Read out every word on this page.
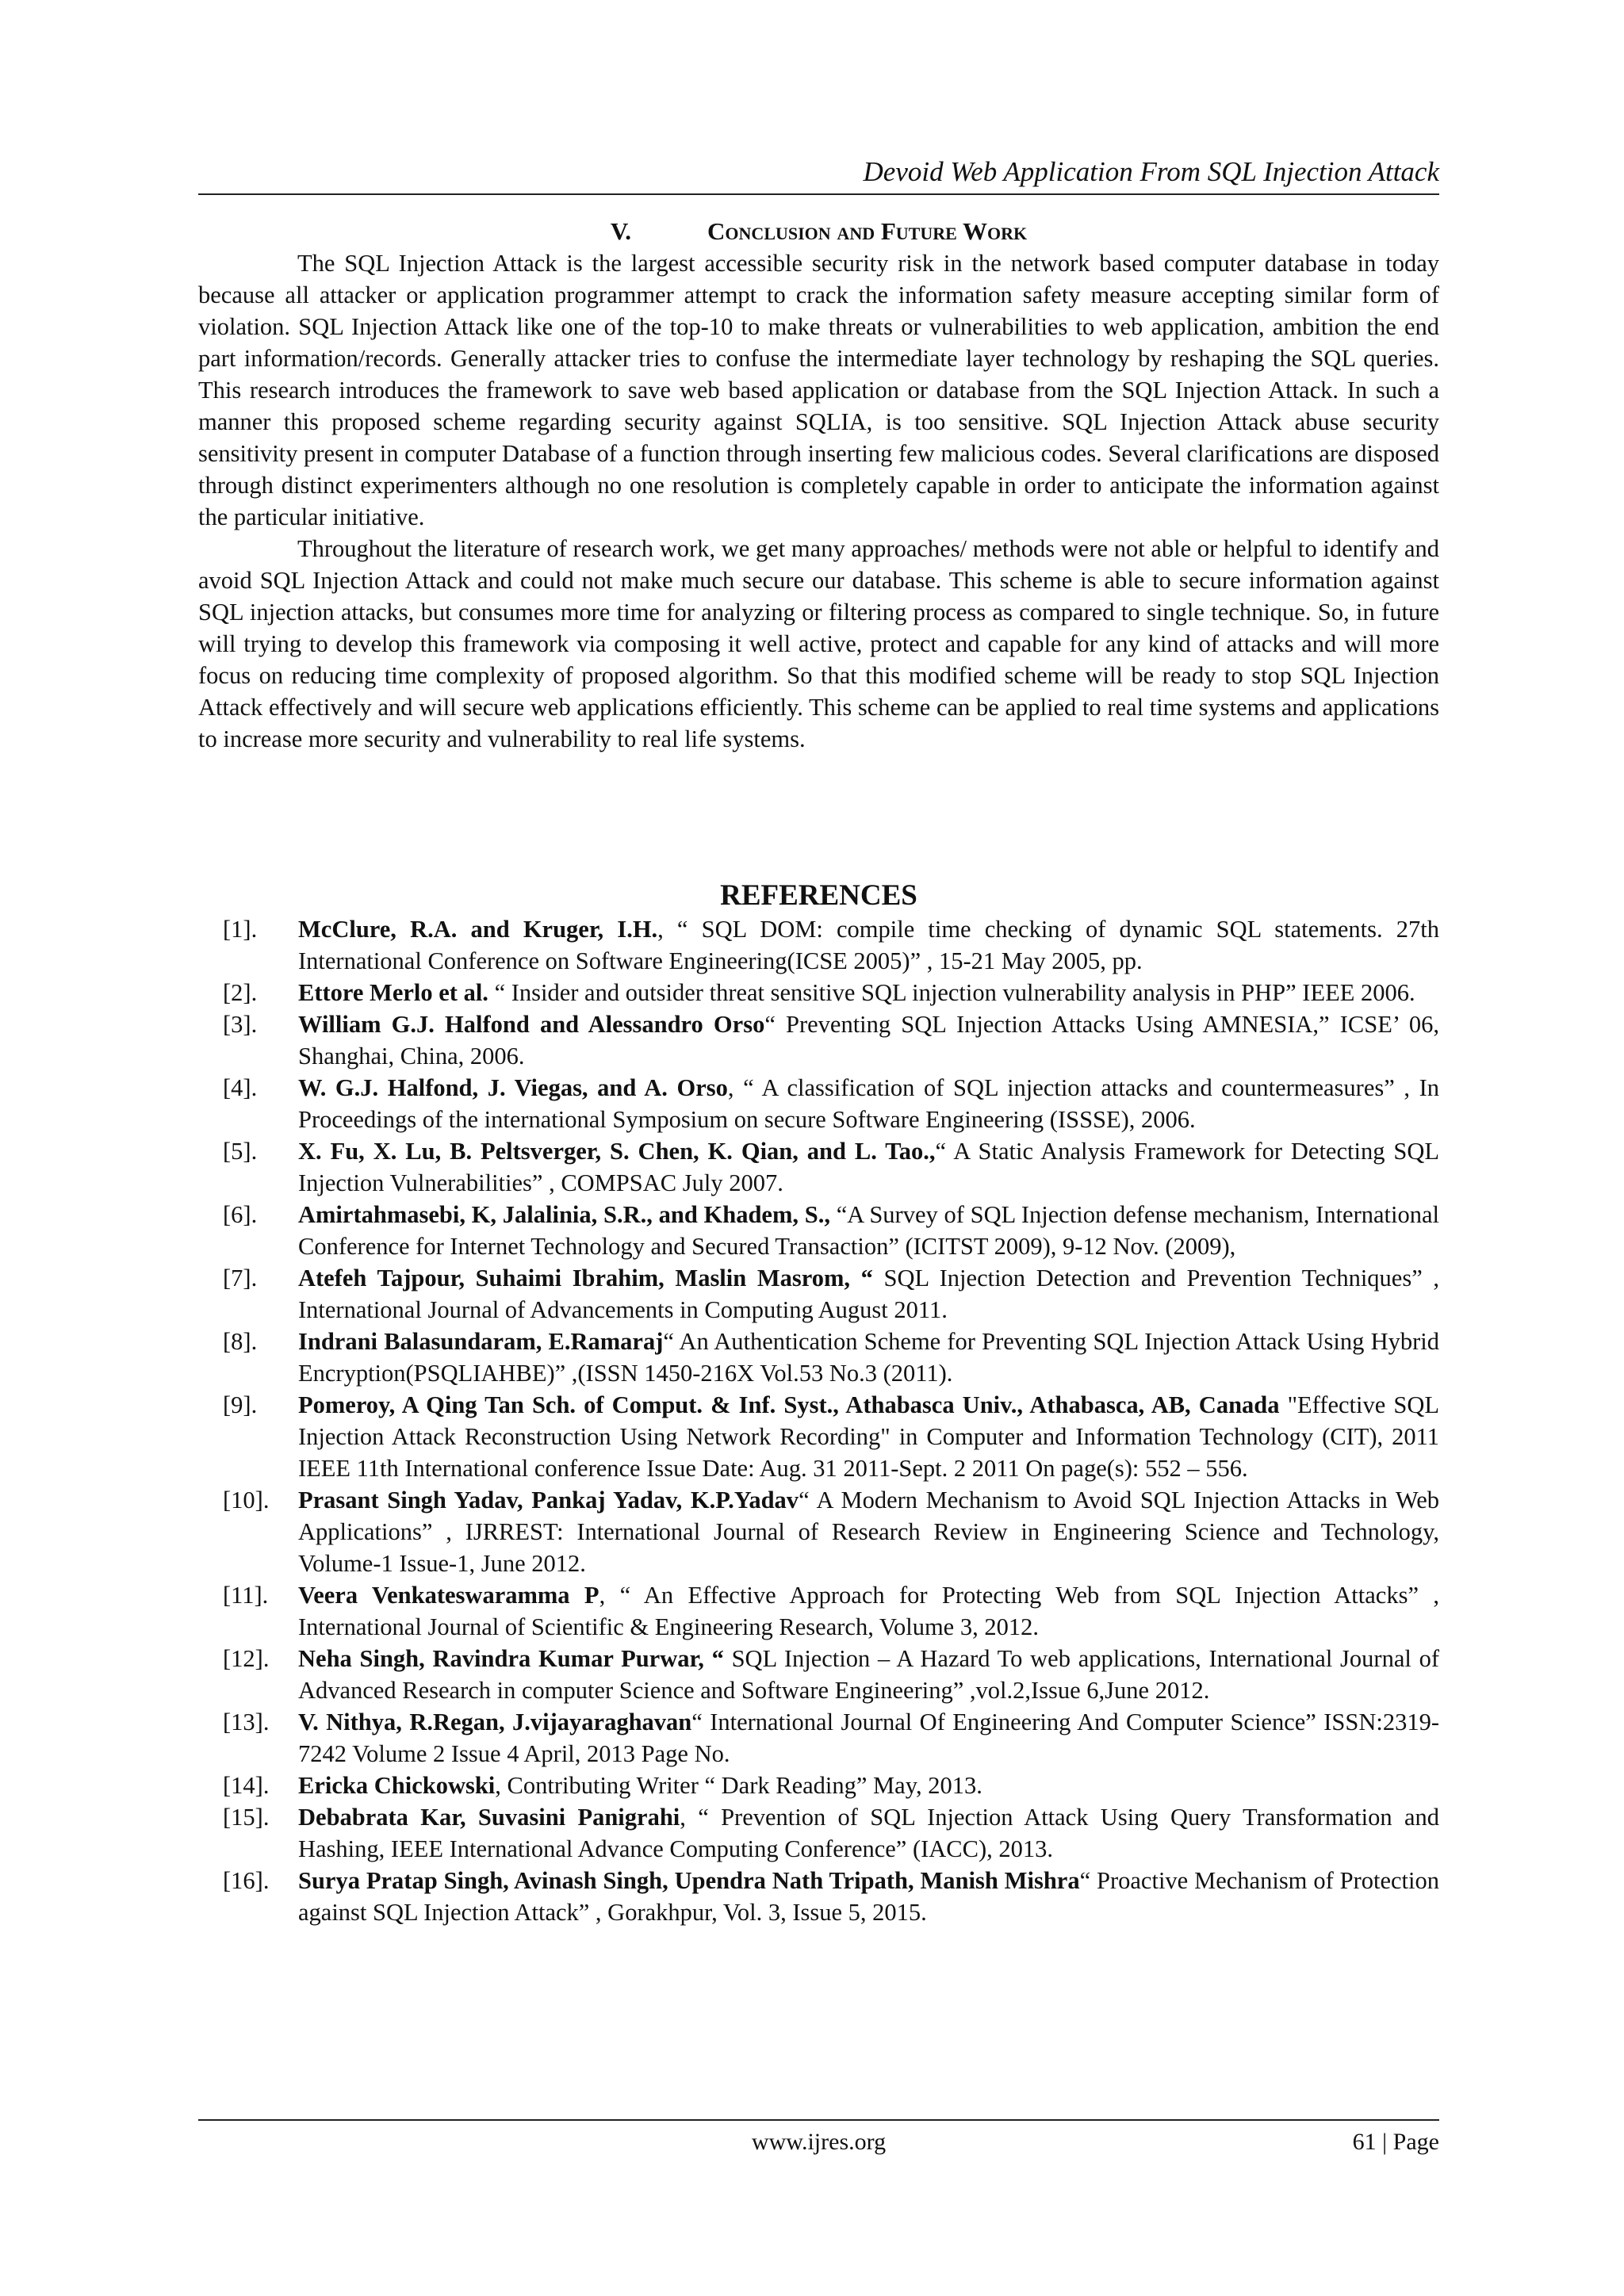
Devoid Web Application From SQL Injection Attack
V.	Conclusion and Future Work

The SQL Injection Attack is the largest accessible security risk in the network based computer database in today because all attacker or application programmer attempt to crack the information safety measure accepting similar form of violation. SQL Injection Attack like one of the top-10 to make threats or vulnerabilities to web application, ambition the end part information/records. Generally attacker tries to confuse the intermediate layer technology by reshaping the SQL queries. This research introduces the framework to save web based application or database from the SQL Injection Attack. In such a manner this proposed scheme regarding security against SQLIA, is too sensitive. SQL Injection Attack abuse security sensitivity present in computer Database of a function through inserting few malicious codes. Several clarifications are disposed through distinct experimenters although no one resolution is completely capable in order to anticipate the information against the particular initiative.

Throughout the literature of research work, we get many approaches/ methods were not able or helpful to identify and avoid SQL Injection Attack and could not make much secure our database. This scheme is able to secure information against SQL injection attacks, but consumes more time for analyzing or filtering process as compared to single technique. So, in future will trying to develop this framework via composing it well active, protect and capable for any kind of attacks and will more focus on reducing time complexity of proposed algorithm. So that this modified scheme will be ready to stop SQL Injection Attack effectively and will secure web applications efficiently. This scheme can be applied to real time systems and applications to increase more security and vulnerability to real life systems.

REFERENCES
[1]. McClure, R.A. and Kruger, I.H., “ SQL DOM: compile time checking of dynamic SQL statements. 27th International Conference on Software Engineering(ICSE 2005)” , 15-21 May 2005, pp.
[2]. Ettore Merlo et al. “ Insider and outsider threat sensitive SQL injection vulnerability analysis in PHP” IEEE 2006.
[3]. William G.J. Halfond and Alessandro Orso“ Preventing SQL Injection Attacks Using AMNESIA,” ICSE’ 06, Shanghai, China, 2006.
[4]. W. G.J. Halfond, J. Viegas, and A. Orso, “ A classification of SQL injection attacks and countermeasures” , In Proceedings of the international Symposium on secure Software Engineering (ISSSE), 2006.
[5]. X. Fu, X. Lu, B. Peltsverger, S. Chen, K. Qian, and L. Tao.,“ A Static Analysis Framework for Detecting SQL Injection Vulnerabilities” , COMPSAC July 2007.
[6]. Amirtahmasebi, K, Jalalinia, S.R., and Khadem, S., “A Survey of SQL Injection defense mechanism, International Conference for Internet Technology and Secured Transaction” (ICITST 2009), 9-12 Nov. (2009),
[7]. Atefeh Tajpour, Suhaimi Ibrahim, Maslin Masrom, “ SQL Injection Detection and Prevention Techniques” , International Journal of Advancements in Computing August 2011.
[8]. Indrani Balasundaram, E.Ramaraj“ An Authentication Scheme for Preventing SQL Injection Attack Using Hybrid Encryption(PSQLIAHBE)” ,(ISSN 1450-216X Vol.53 No.3 (2011).
[9]. Pomeroy, A Qing Tan Sch. of Comput. & Inf. Syst., Athabasca Univ., Athabasca, AB, Canada "Effective SQL Injection Attack Reconstruction Using Network Recording" in Computer and Information Technology (CIT), 2011 IEEE 11th International conference Issue Date: Aug. 31 2011-Sept. 2 2011 On page(s): 552 – 556.
[10]. Prasant Singh Yadav, Pankaj Yadav, K.P.Yadav“ A Modern Mechanism to Avoid SQL Injection Attacks in Web Applications” , IJRREST: International Journal of Research Review in Engineering Science and Technology, Volume-1 Issue-1, June 2012.
[11]. Veera Venkateswaramma P, “ An Effective Approach for Protecting Web from SQL Injection Attacks” , International Journal of Scientific & Engineering Research, Volume 3, 2012.
[12]. Neha Singh, Ravindra Kumar Purwar, “ SQL Injection – A Hazard To web applications, International Journal of Advanced Research in computer Science and Software Engineering” ,vol.2,Issue 6,June 2012.
[13]. V. Nithya, R.Regan, J.vijayaraghavan“ International Journal Of Engineering And Computer Science” ISSN:2319-7242 Volume 2 Issue 4 April, 2013 Page No.
[14]. Ericka Chickowski, Contributing Writer “ Dark Reading” May, 2013.
[15]. Debabrata Kar, Suvasini Panigrahi, “ Prevention of SQL Injection Attack Using Query Transformation and Hashing, IEEE International Advance Computing Conference” (IACC), 2013.
[16]. Surya Pratap Singh, Avinash Singh, Upendra Nath Tripath, Manish Mishra“ Proactive Mechanism of Protection against SQL Injection Attack” , Gorakhpur, Vol. 3, Issue 5, 2015.
www.ijres.org	61 | Page
